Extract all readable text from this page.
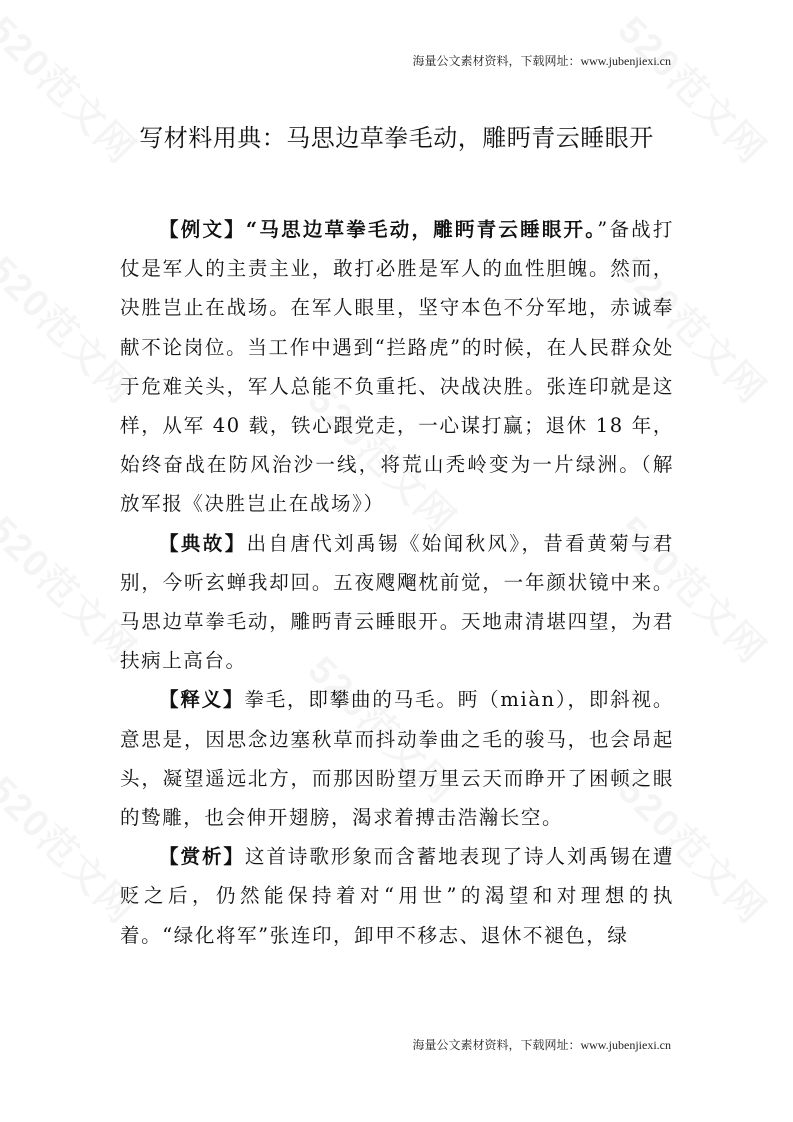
海量公文素材资料，下载网址：www.jubenjiexi.cn
写材料用典：马思边草拳毛动，雕眄青云睡眼开

【例文】“马思边草拳毛动，雕眄青云睡眼开。”备战打仗是军人的主责主业，敢打必胜是军人的血性胆魄。然而，决胜岂止在战场。在军人眼里，坚守本色不分军地，赤诚奉献不论岗位。当工作中遇到“拦路虎”的时候，在人民群众处于危难关头，军人总能不负重托、决战决胜。张连印就是这样，从军 40 载，铁心跟党走，一心谋打赢；退休 18 年，始终奋战在防风治沙一线，将荒山秃岭变为一片绿洲。（解放军报《决胜岂止在战场》）

【典故】出自唐代刘禹锡《始闻秋风》，昔看黄菊与君别，今听玄蝉我却回。五夜飕飗枕前觉，一年颜状镜中来。马思边草拳毛动，雕眄青云睡眼开。天地肃清堪四望，为君扶病上高台。

【释义】拳毛，即攀曲的马毛。眄（miàn），即斜视。意思是，因思念边塞秋草而抖动拳曲之毛的骏马，也会昂起头，凝望遥远北方，而那因盼望万里云天而睁开了困顿之眼的鸷雕，也会伸开翅膀，渴求着搏击浩瀚长空。

【赏析】这首诗歌形象而含蓄地表现了诗人刘禹锡在遭贬之后，仍然能保持着对“用世”的渴望和对理想的执着。“绿化将军”张连印，卸甲不移志、退休不褪色，绿

海量公文素材资料，下载网址：www.jubenjiexi.cn
